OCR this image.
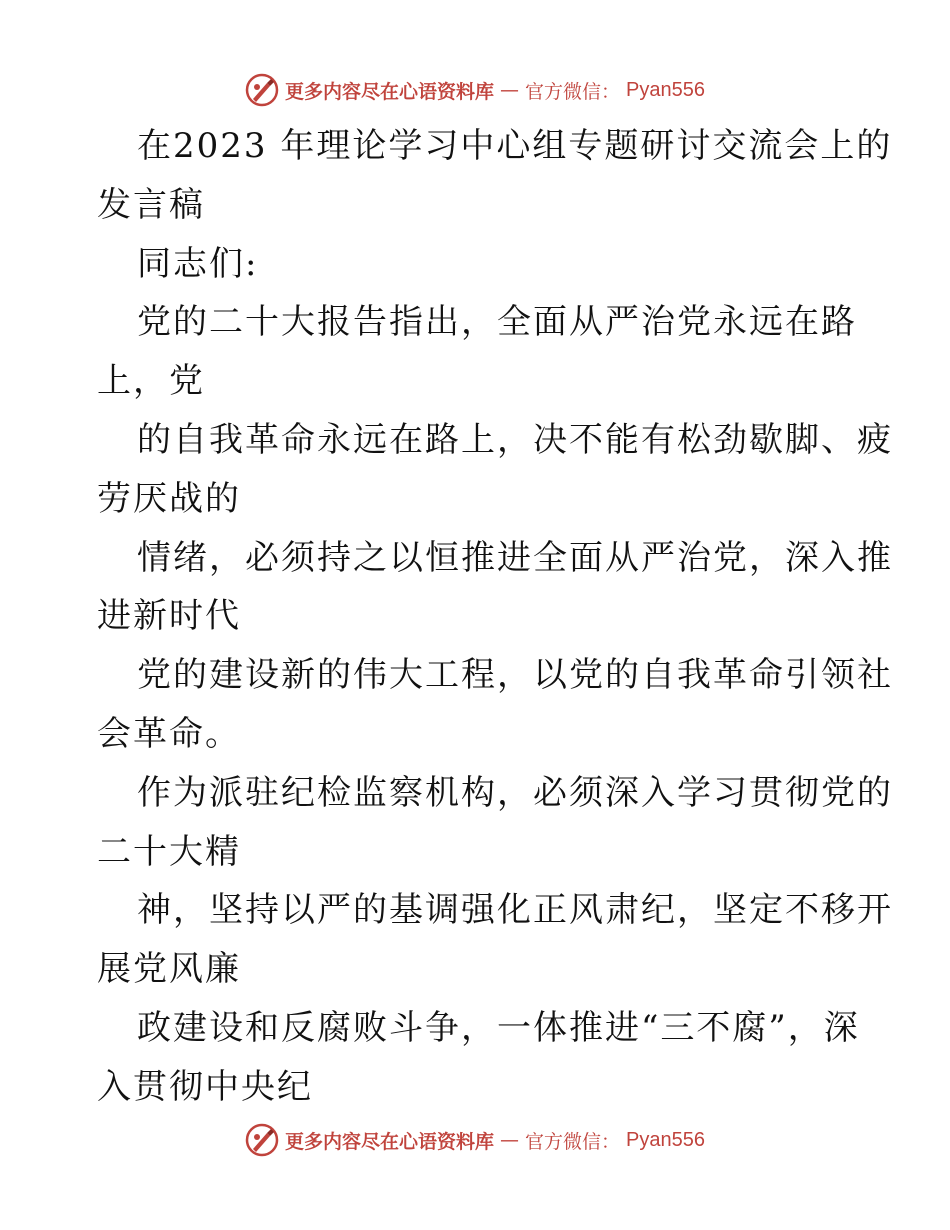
更多内容尽在心语资料库 — 官方微信： Pyan556
在2023 年理论学习中心组专题研讨交流会上的
发言稿
同志们:
党的二十大报告指出，全面从严治党永远在路
上，党
的自我革命永远在路上，决不能有松劲歇脚、疲
劳厌战的
情绪，必须持之以恒推进全面从严治党，深入推
进新时代
党的建设新的伟大工程，以党的自我革命引领社
会革命。
作为派驻纪检监察机构，必须深入学习贯彻党的
二十大精
神，坚持以严的基调强化正风肃纪，坚定不移开
展党风廉
政建设和反腐败斗争，一体推进“三不腐”，深
入贯彻中央纪
更多内容尽在心语资料库 — 官方微信： Pyan556
